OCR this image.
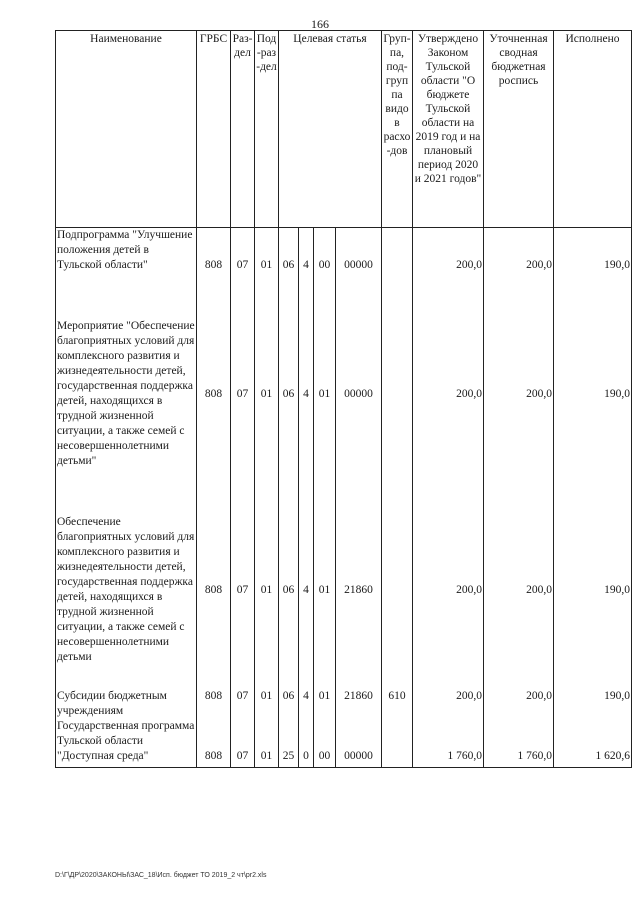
166
Наименование	ГРБС	Раз-дел	Под-раз-дел	Целевая статья				Груп-па, под-груп па видов расхо-дов	Утверждено Законом Тульской области "О бюджете Тульской области на 2019 год и на плановый период 2020 и 2021 годов"	Уточненная сводная бюджетная роспись	Исполнено
Подпрограмма "Улучшение положения детей в Тульской области"	808	07	01	06	4	00	00000		200,0	200,0	190,0

Мероприятие "Обеспечение благоприятных условий для комплексного развития и жизнедеятельности детей, государственная поддержка детей, находящихся в трудной жизненной ситуации, а также семей с несовершеннолетними детьми"	808	07	01	06	4	01	00000		200,0	200,0	190,0

Обеспечение благоприятных условий для комплексного развития и жизнедеятельности детей, государственная поддержка детей, находящихся в трудной жизненной ситуации, а также семей с несовершеннолетними детьми	808	07	01	06	4	01	21860		200,0	200,0	190,0

Субсидии бюджетным учреждениям	808	07	01	06	4	01	21860	610	200,0	200,0	190,0
Государственная программа Тульской области "Доступная среда"	808	07	01	25	0	00	00000		1 760,0	1 760,0	1 620,6
D:\Г\ДР\2020\ЗАКОНЫ\ЗАС_18\Исп. бюджет ТО 2019_2 чт\pr2.xls
